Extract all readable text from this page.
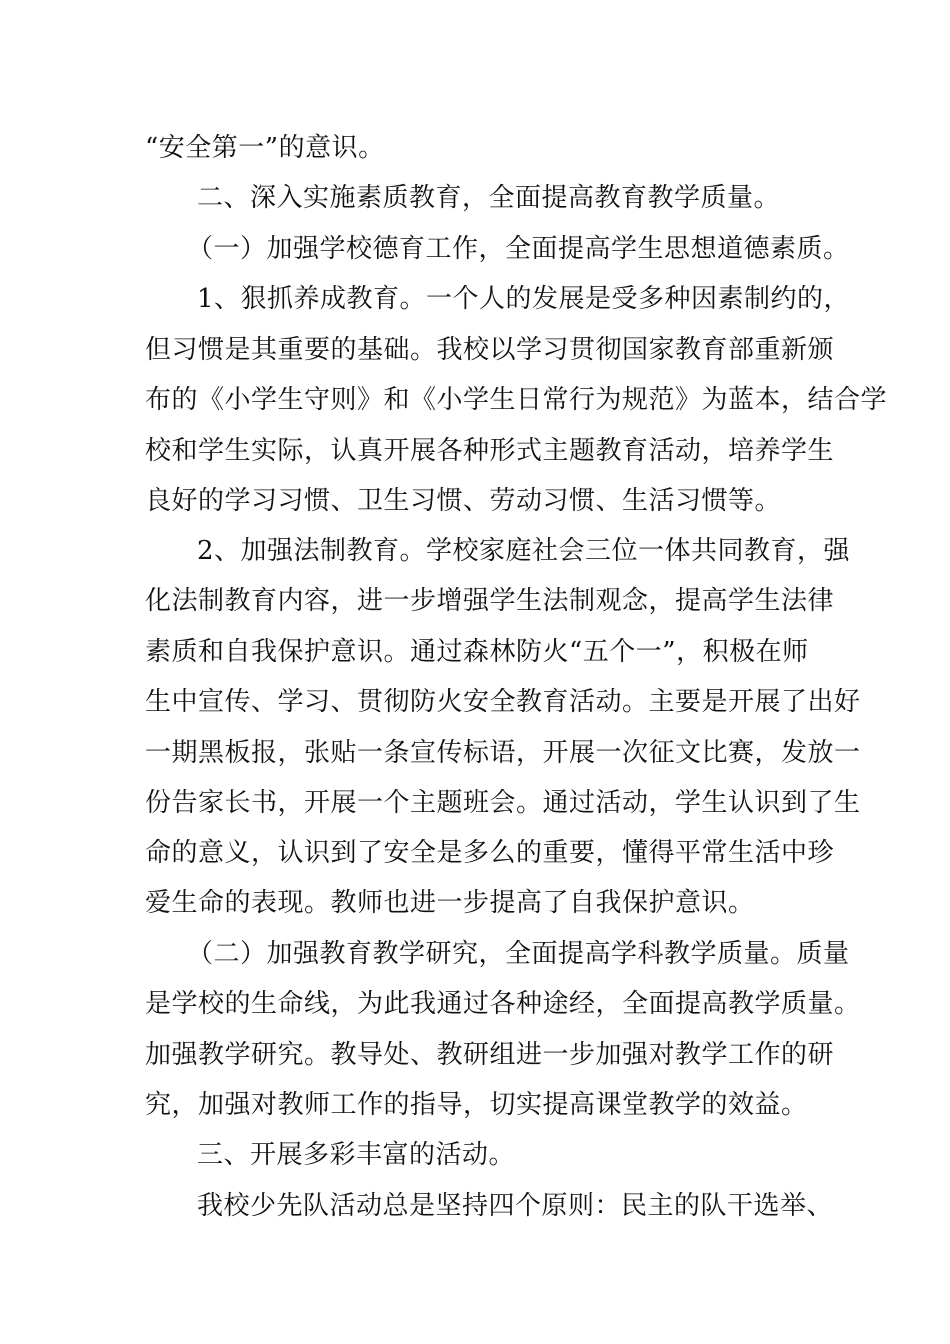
“安全第一”的意识。
二、深入实施素质教育，全面提高教育教学质量。
（一）加强学校德育工作，全面提高学生思想道德素质。
1、狠抓养成教育。一个人的发展是受多种因素制约的，
但习惯是其重要的基础。我校以学习贯彻国家教育部重新颁
布的《小学生守则》和《小学生日常行为规范》为蓝本，结合学
校和学生实际，认真开展各种形式主题教育活动，培养学生
良好的学习习惯、卫生习惯、劳动习惯、生活习惯等。
2、加强法制教育。学校家庭社会三位一体共同教育，强
化法制教育内容，进一步增强学生法制观念，提高学生法律
素质和自我保护意识。通过森林防火“五个一”，积极在师
生中宣传、学习、贯彻防火安全教育活动。主要是开展了出好
一期黑板报，张贴一条宣传标语，开展一次征文比赛，发放一
份告家长书，开展一个主题班会。通过活动，学生认识到了生
命的意义，认识到了安全是多么的重要，懂得平常生活中珍
爱生命的表现。教师也进一步提高了自我保护意识。
（二）加强教育教学研究，全面提高学科教学质量。质量
是学校的生命线，为此我通过各种途经，全面提高教学质量。
加强教学研究。教导处、教研组进一步加强对教学工作的研
究，加强对教师工作的指导，切实提高课堂教学的效益。
三、开展多彩丰富的活动。
我校少先队活动总是坚持四个原则：民主的队干选举、
